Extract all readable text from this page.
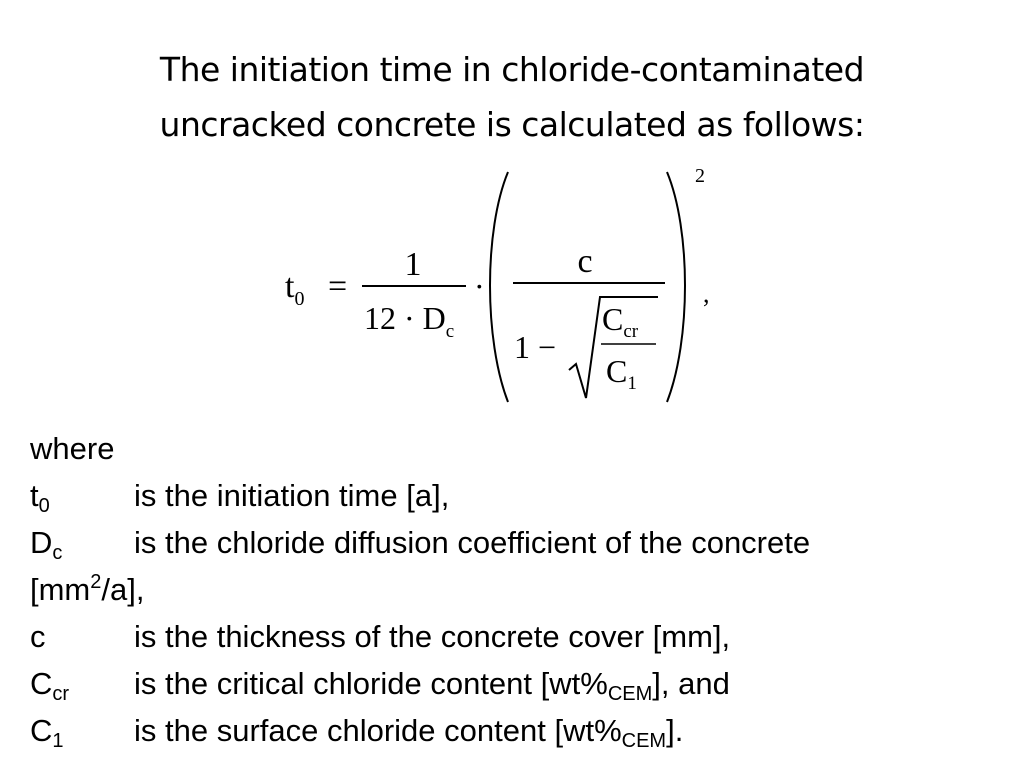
The initiation time in chloride-contaminated
uncracked concrete is calculated as follows:
$t_0$ =
1
$12 \cdot D_c$
·
c
1 −
$C_{cr}$
$C_1$
2
,
where
$t_0$	is the initiation time [a],
$D_c$ is the chloride diffusion coefficient of the concrete
$[mm^2/a]$,
c	is the thickness of the concrete cover [mm],
$C_{cr}$ is the critical chloride content $[wt\%_{CEM}]$, and
$C_1$ is the surface chloride content $[wt\%_{CEM}]$.
